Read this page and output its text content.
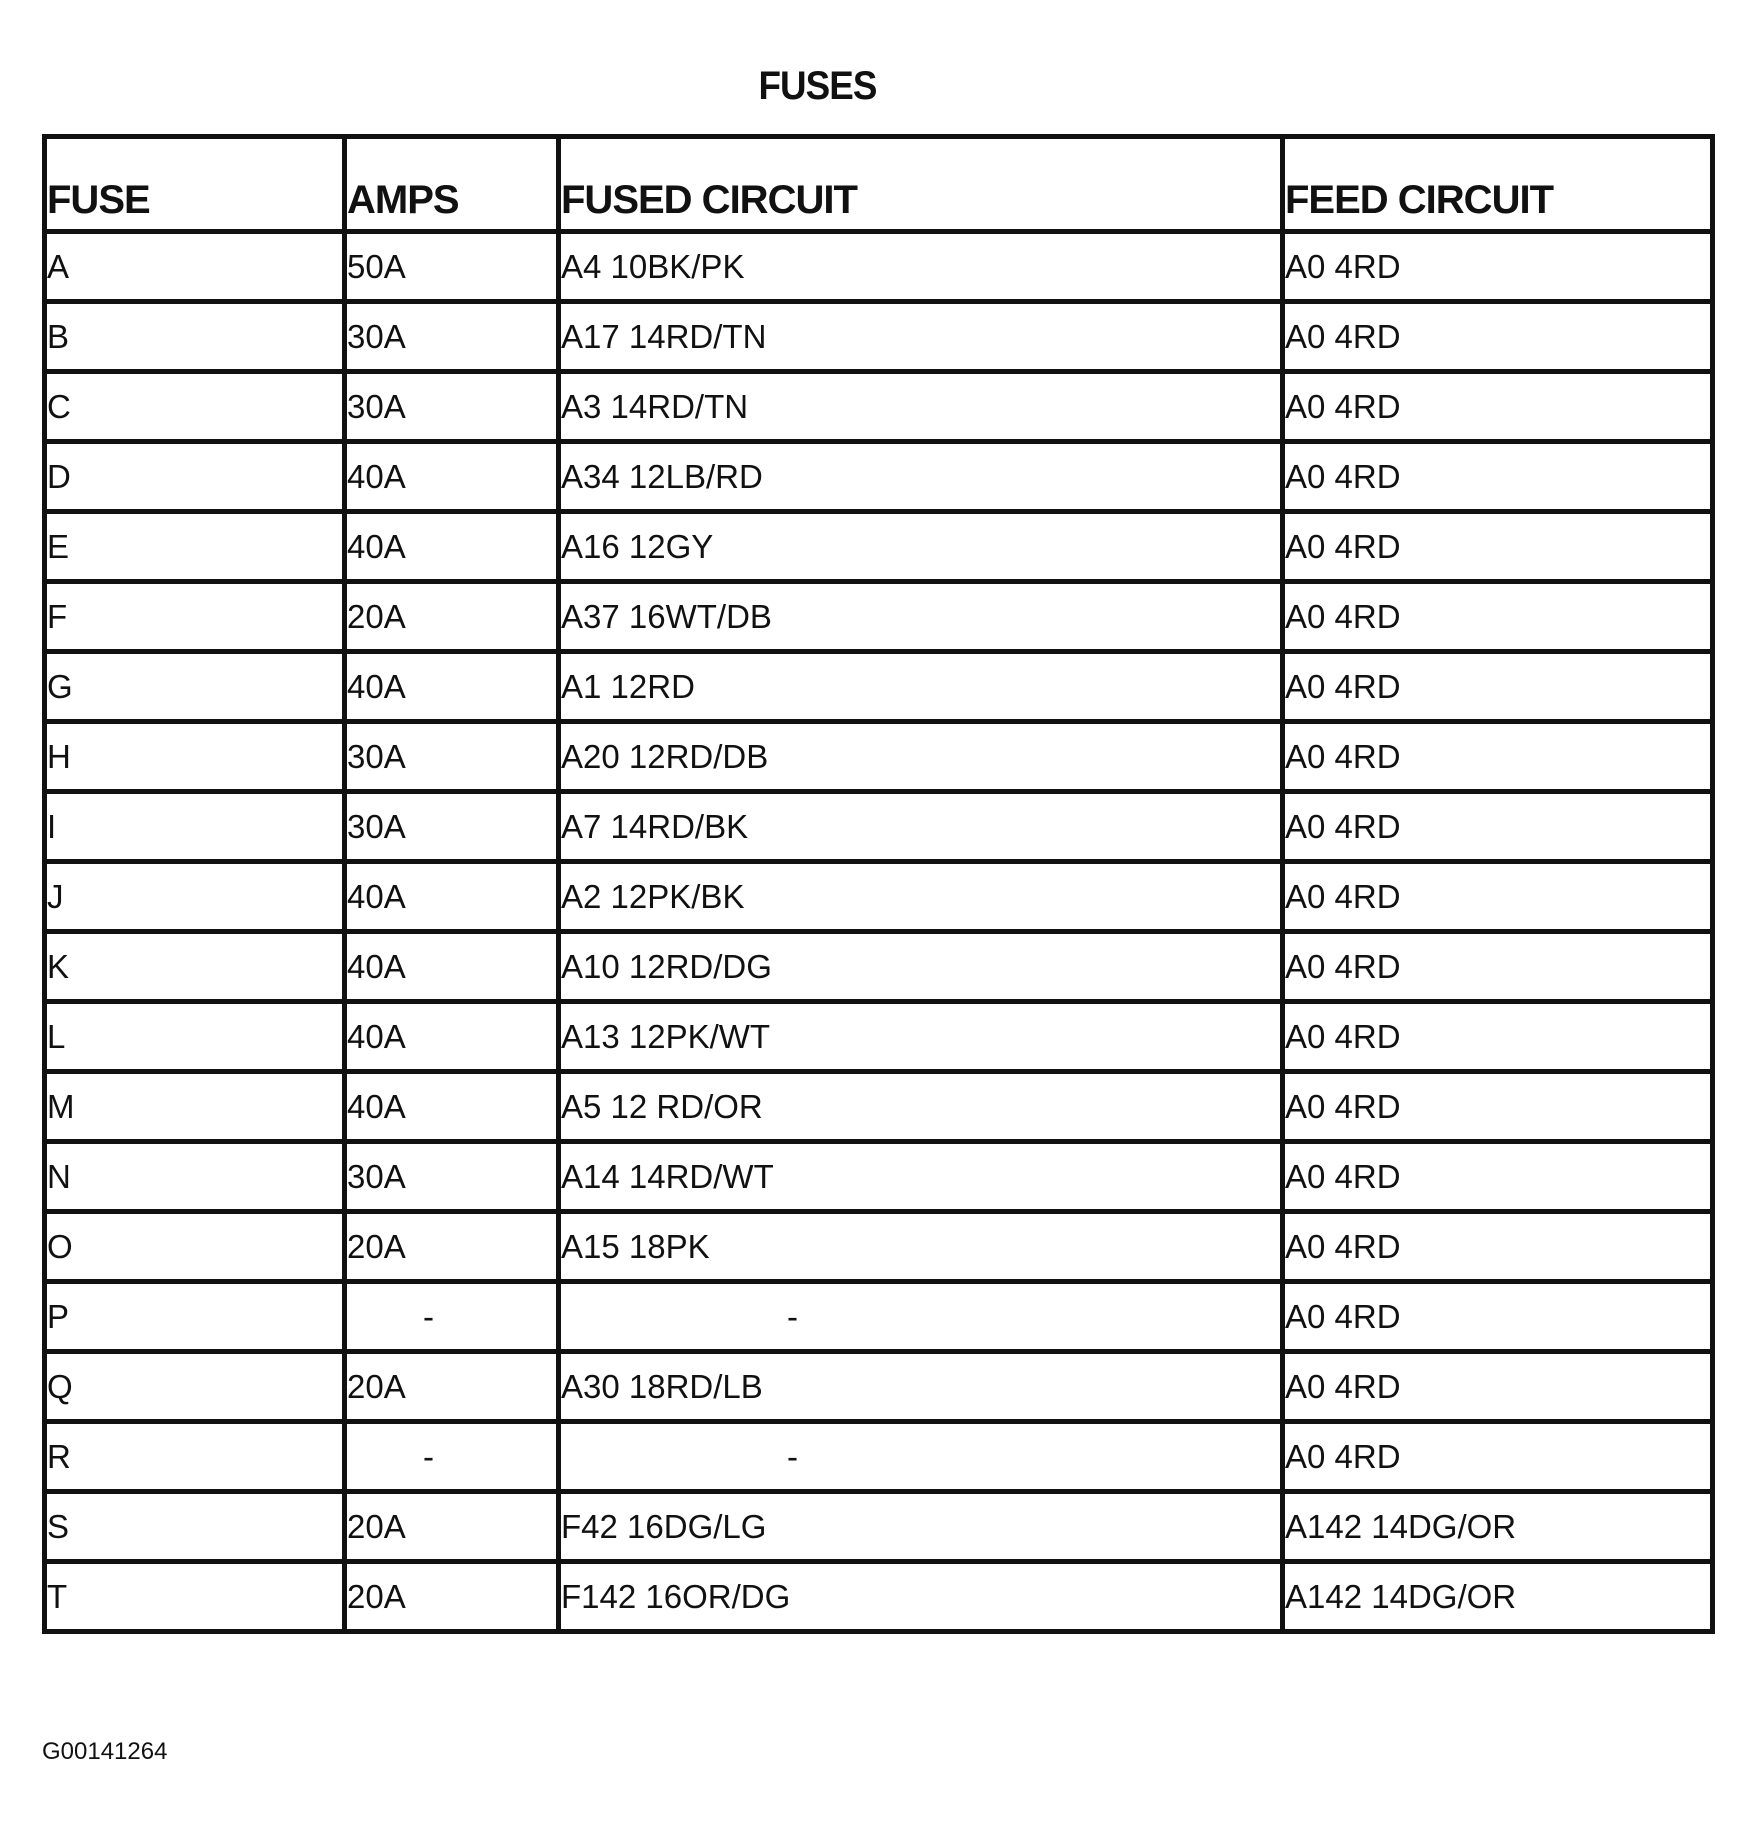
FUSES
FUSE	AMPS	FUSED CIRCUIT	FEED CIRCUIT
A	50A	A4 10BK/PK	A0 4RD
B	30A	A17 14RD/TN	A0 4RD
C	30A	A3 14RD/TN	A0 4RD
D	40A	A34 12LB/RD	A0 4RD
E	40A	A16 12GY	A0 4RD
F	20A	A37 16WT/DB	A0 4RD
G	40A	A1 12RD	A0 4RD
H	30A	A20 12RD/DB	A0 4RD
I	30A	A7 14RD/BK	A0 4RD
J	40A	A2 12PK/BK	A0 4RD
K	40A	A10 12RD/DG	A0 4RD
L	40A	A13 12PK/WT	A0 4RD
M	40A	A5 12 RD/OR	A0 4RD
N	30A	A14 14RD/WT	A0 4RD
O	20A	A15 18PK	A0 4RD
P	-	-	A0 4RD
Q	20A	A30 18RD/LB	A0 4RD
R	-	-	A0 4RD
S	20A	F42 16DG/LG	A142 14DG/OR
T	20A	F142 16OR/DG	A142 14DG/OR
G00141264
